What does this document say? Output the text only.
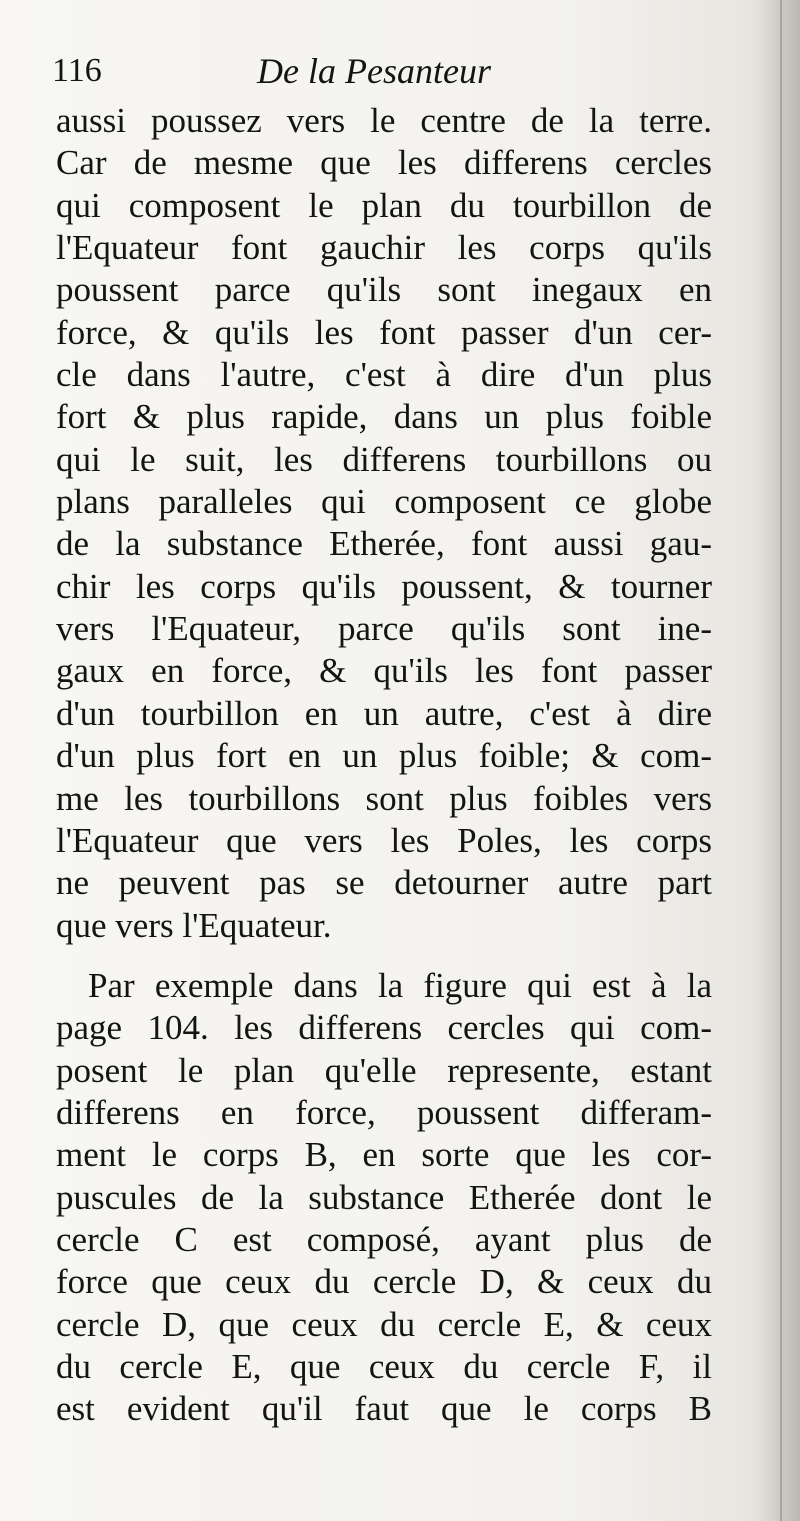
116	De la Pesanteur
aussi poussez vers le centre de la terre.
Car de mesme que les differens cercles
qui composent le plan du tourbillon de
l'Equateur font gauchir les corps qu'ils
poussent parce qu'ils sont inegaux en
force, & qu'ils les font passer d'un cer-
cle dans l'autre, c'est à dire d'un plus
fort & plus rapide, dans un plus foible
qui le suit, les differens tourbillons ou
plans paralleles qui composent ce globe
de la substance Etherée, font aussi gau-
chir les corps qu'ils poussent, & tourner
vers l'Equateur, parce qu'ils sont ine-
gaux en force, & qu'ils les font passer
d'un tourbillon en un autre, c'est à dire
d'un plus fort en un plus foible; & com-
me les tourbillons sont plus foibles vers
l'Equateur que vers les Poles, les corps
ne peuvent pas se detourner autre part
que vers l'Equateur.
Par exemple dans la figure qui est à la
page 104. les differens cercles qui com-
posent le plan qu'elle represente, estant
differens en force, poussent differam-
ment le corps B, en sorte que les cor-
puscules de la substance Etherée dont le
cercle C est composé, ayant plus de
force que ceux du cercle D, & ceux du
cercle D, que ceux du cercle E, & ceux
du cercle E, que ceux du cercle F, il
est evident qu'il faut que le corps B
